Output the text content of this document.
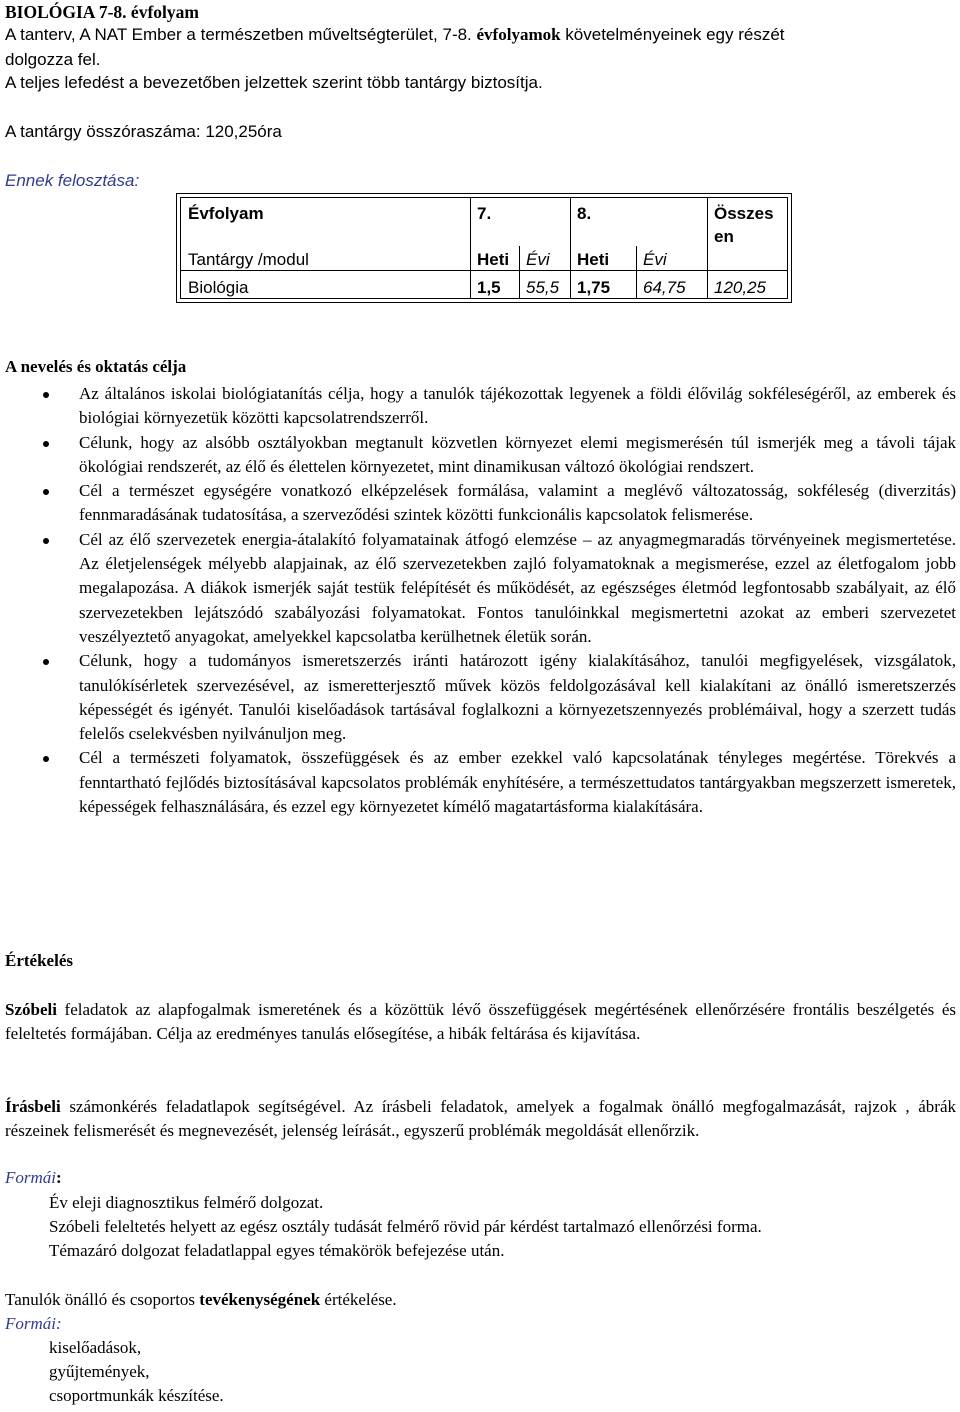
BIOLÓGIA 7-8. évfolyam
A tanterv, A NAT Ember a természetben műveltségterület, 7-8. évfolyamok követelményeinek egy részét
dolgozza fel.
A teljes lefedést a bevezetőben jelzettek szerint több tantárgy biztosítja.
A tantárgy összóraszáma: 120,25óra
Ennek felosztása:
Évfolyam	7.	8.	Összes
en
Tantárgy /modul	Heti Évi Heti Évi
Biológia	1,5 55,5 1,75 64,75 120,25
A nevelés és oktatás célja
Az általános iskolai biológiatanítás célja, hogy a tanulók tájékozottak legyenek a földi élővilág sokféleségéről, az emberek és biológiai környezetük közötti kapcsolatrendszerről.
Célunk, hogy az alsóbb osztályokban megtanult közvetlen környezet elemi megismerésén túl ismerjék meg a távoli tájak ökológiai rendszerét, az élő és élettelen környezetet, mint dinamikusan változó ökológiai rendszert.
Cél a természet egységére vonatkozó elképzelések formálása, valamint a meglévő változatosság, sokféleség (diverzitás) fennmaradásának tudatosítása, a szerveződési szintek közötti funkcionális kapcsolatok felismerése.
Cél az élő szervezetek energia-átalakító folyamatainak átfogó elemzése – az anyagmegmaradás törvényeinek megismertetése. Az életjelenségek mélyebb alapjainak, az élő szervezetekben zajló folyamatoknak a megismerése, ezzel az életfogalom jobb megalapozása. A diákok ismerjék saját testük felépítését és működését, az egészséges életmód legfontosabb szabályait, az élő szervezetekben lejátszódó szabályozási folyamatokat. Fontos tanulóinkkal megismertetni azokat az emberi szervezetet veszélyeztető anyagokat, amelyekkel kapcsolatba kerülhetnek életük során.
Célunk, hogy a tudományos ismeretszerzés iránti határozott igény kialakításához, tanulói megfigyelések, vizsgálatok, tanulókísérletek szervezésével, az ismeretterjesztő művek közös feldolgozásával kell kialakítani az önálló ismeretszerzés képességét és igényét. Tanulói kiselőadások tartásával foglalkozni a környezetszennyezés problémáival, hogy a szerzett tudás felelős cselekvésben nyilvánuljon meg.
Cél a természeti folyamatok, összefüggések és az ember ezekkel való kapcsolatának tényleges megértése. Törekvés a fenntartható fejlődés biztosításával kapcsolatos problémák enyhítésére, a természettudatos tantárgyakban megszerzett ismeretek, képességek felhasználására, és ezzel egy környezetet kímélő magatartásforma kialakítására.
Értékelés
Szóbeli feladatok az alapfogalmak ismeretének és a közöttük lévő összefüggések megértésének ellenőrzésére frontális beszélgetés és feleltetés formájában. Célja az eredményes tanulás elősegítése, a hibák feltárása és kijavítása.
Írásbeli számonkérés feladatlapok segítségével. Az írásbeli feladatok, amelyek a fogalmak önálló megfogalmazását, rajzok , ábrák részeinek felismerését és megnevezését, jelenség leírását., egyszerű problémák megoldását ellenőrzik.
Formái:
Év eleji diagnosztikus felmérő dolgozat.
Szóbeli feleltetés helyett az egész osztály tudását felmérő rövid pár kérdést tartalmazó ellenőrzési forma.
Témazáró dolgozat feladatlappal egyes témakörök befejezése után.
Tanulók önálló és csoportos tevékenységének értékelése.
Formái:
kiselőadások,
gyűjtemények,
csoportmunkák készítése.
